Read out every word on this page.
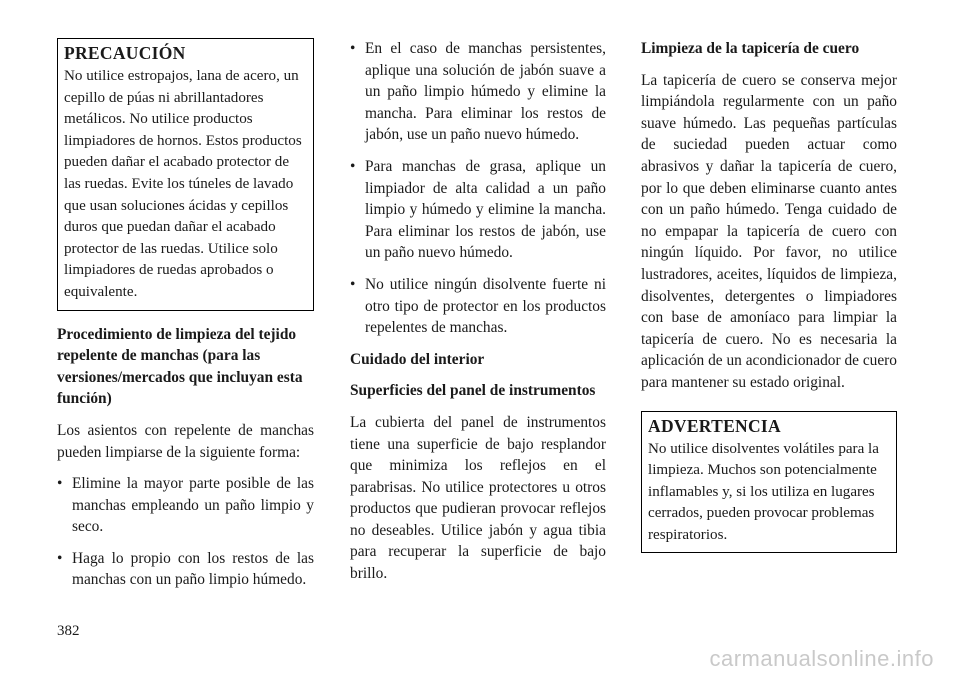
PRECAUCIÓN

No utilice estropajos, lana de acero, un cepillo de púas ni abrillantadores metálicos. No utilice productos limpiadores de hornos. Estos productos pueden dañar el acabado protector de las ruedas. Evite los túneles de lavado que usan soluciones ácidas y cepillos duros que puedan dañar el acabado protector de las ruedas. Utilice solo limpiadores de ruedas aprobados o equivalente.

Procedimiento de limpieza del tejido repelente de manchas (para las versiones/mercados que incluyan esta función)

Los asientos con repelente de manchas pueden limpiarse de la siguiente forma:

• Elimine la mayor parte posible de las manchas empleando un paño limpio y seco.
• Haga lo propio con los restos de las manchas con un paño limpio húmedo.
• En el caso de manchas persistentes, aplique una solución de jabón suave a un paño limpio húmedo y elimine la mancha. Para eliminar los restos de jabón, use un paño nuevo húmedo.
• Para manchas de grasa, aplique un limpiador de alta calidad a un paño limpio y húmedo y elimine la mancha. Para eliminar los restos de jabón, use un paño nuevo húmedo.
• No utilice ningún disolvente fuerte ni otro tipo de protector en los productos repelentes de manchas.

Cuidado del interior

Superficies del panel de instrumentos

La cubierta del panel de instrumentos tiene una superficie de bajo resplandor que minimiza los reflejos en el parabrisas. No utilice protectores u otros productos que pudieran provocar reflejos no deseables. Utilice jabón y agua tibia para recuperar la superficie de bajo brillo.

Limpieza de la tapicería de cuero

La tapicería de cuero se conserva mejor limpiándola regularmente con un paño suave húmedo. Las pequeñas partículas de suciedad pueden actuar como abrasivos y dañar la tapicería de cuero, por lo que deben eliminarse cuanto antes con un paño húmedo. Tenga cuidado de no empapar la tapicería de cuero con ningún líquido. Por favor, no utilice lustradores, aceites, líquidos de limpieza, disolventes, detergentes o limpiadores con base de amoníaco para limpiar la tapicería de cuero. No es necesaria la aplicación de un acondicionador de cuero para mantener su estado original.

ADVERTENCIA

No utilice disolventes volátiles para la limpieza. Muchos son potencialmente inflamables y, si los utiliza en lugares cerrados, pueden provocar problemas respiratorios.

382
carmanualsonline.info
